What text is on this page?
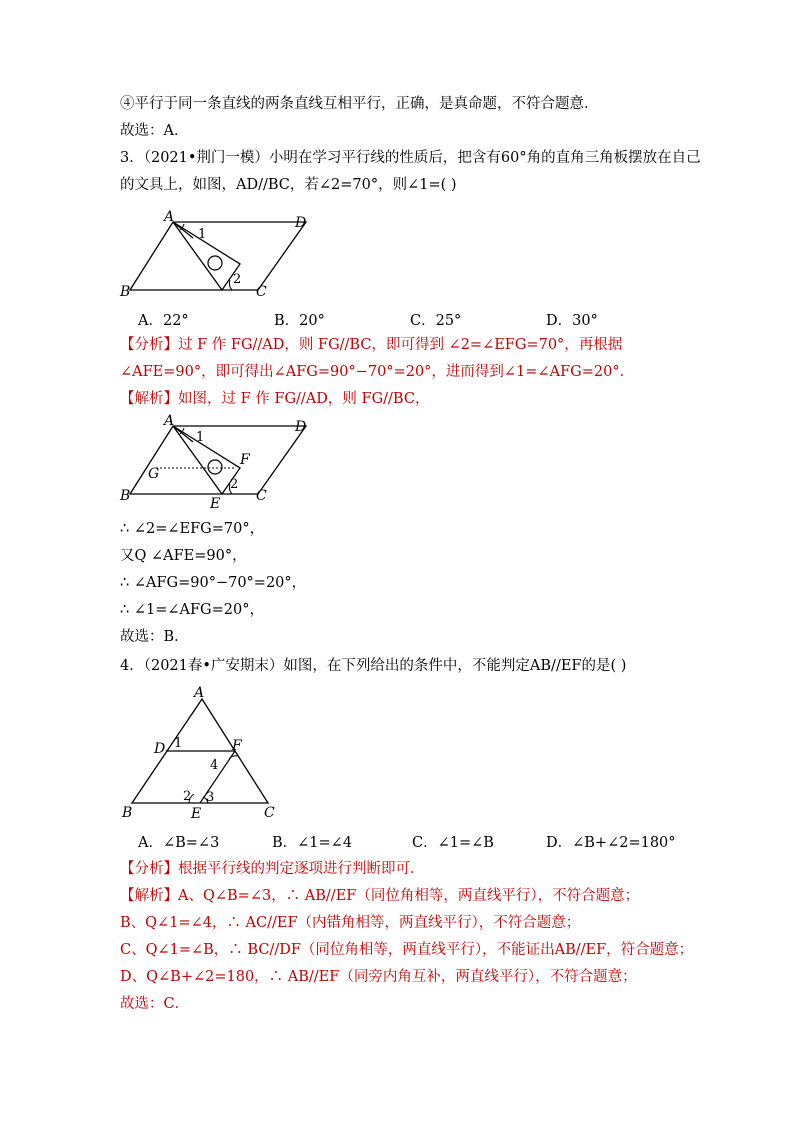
④平行于同一条直线的两条直线互相平行，正确，是真命题，不符合题意．
故选：A．
3．（2021•荆门一模）小明在学习平行线的性质后，把含有60°角的直角三角板摆放在自己
的文具上，如图，AD//BC，若∠2=70°，则∠1=( )
A	D
B	C
1
2
A．22°	B．20°	C．25°	D．30°
【分析】过 F 作 FG//AD，则 FG//BC，即可得到 ∠2=∠EFG=70°，再根据
∠AFE=90°，即可得出∠AFG=90°−70°=20°，进而得到∠1=∠AFG=20°．
【解析】如图，过 F 作 FG//AD，则 FG//BC，
A	D
B	C
E
F
G
1
2
∴ ∠2=∠EFG=70°，
又Q ∠AFE=90°，
∴ ∠AFG=90°−70°=20°，
∴ ∠1=∠AFG=20°，
故选：B．
4．（2021春•广安期末）如图，在下列给出的条件中，不能判定AB//EF的是( )
A
D	F
B	E	C
1
4
2 3
A．∠B=∠3	B．∠1=∠4	C．∠1=∠B	D．∠B+∠2=180°
【分析】根据平行线的判定逐项进行判断即可．
【解析】A、Q∠B=∠3，∴ AB//EF（同位角相等，两直线平行），不符合题意；
B、Q∠1=∠4，∴ AC//EF（内错角相等，两直线平行），不符合题意；
C、Q∠1=∠B，∴ BC//DF（同位角相等，两直线平行），不能证出AB//EF，符合题意；
D、Q∠B+∠2=180，∴ AB//EF（同旁内角互补，两直线平行），不符合题意；
故选：C．
